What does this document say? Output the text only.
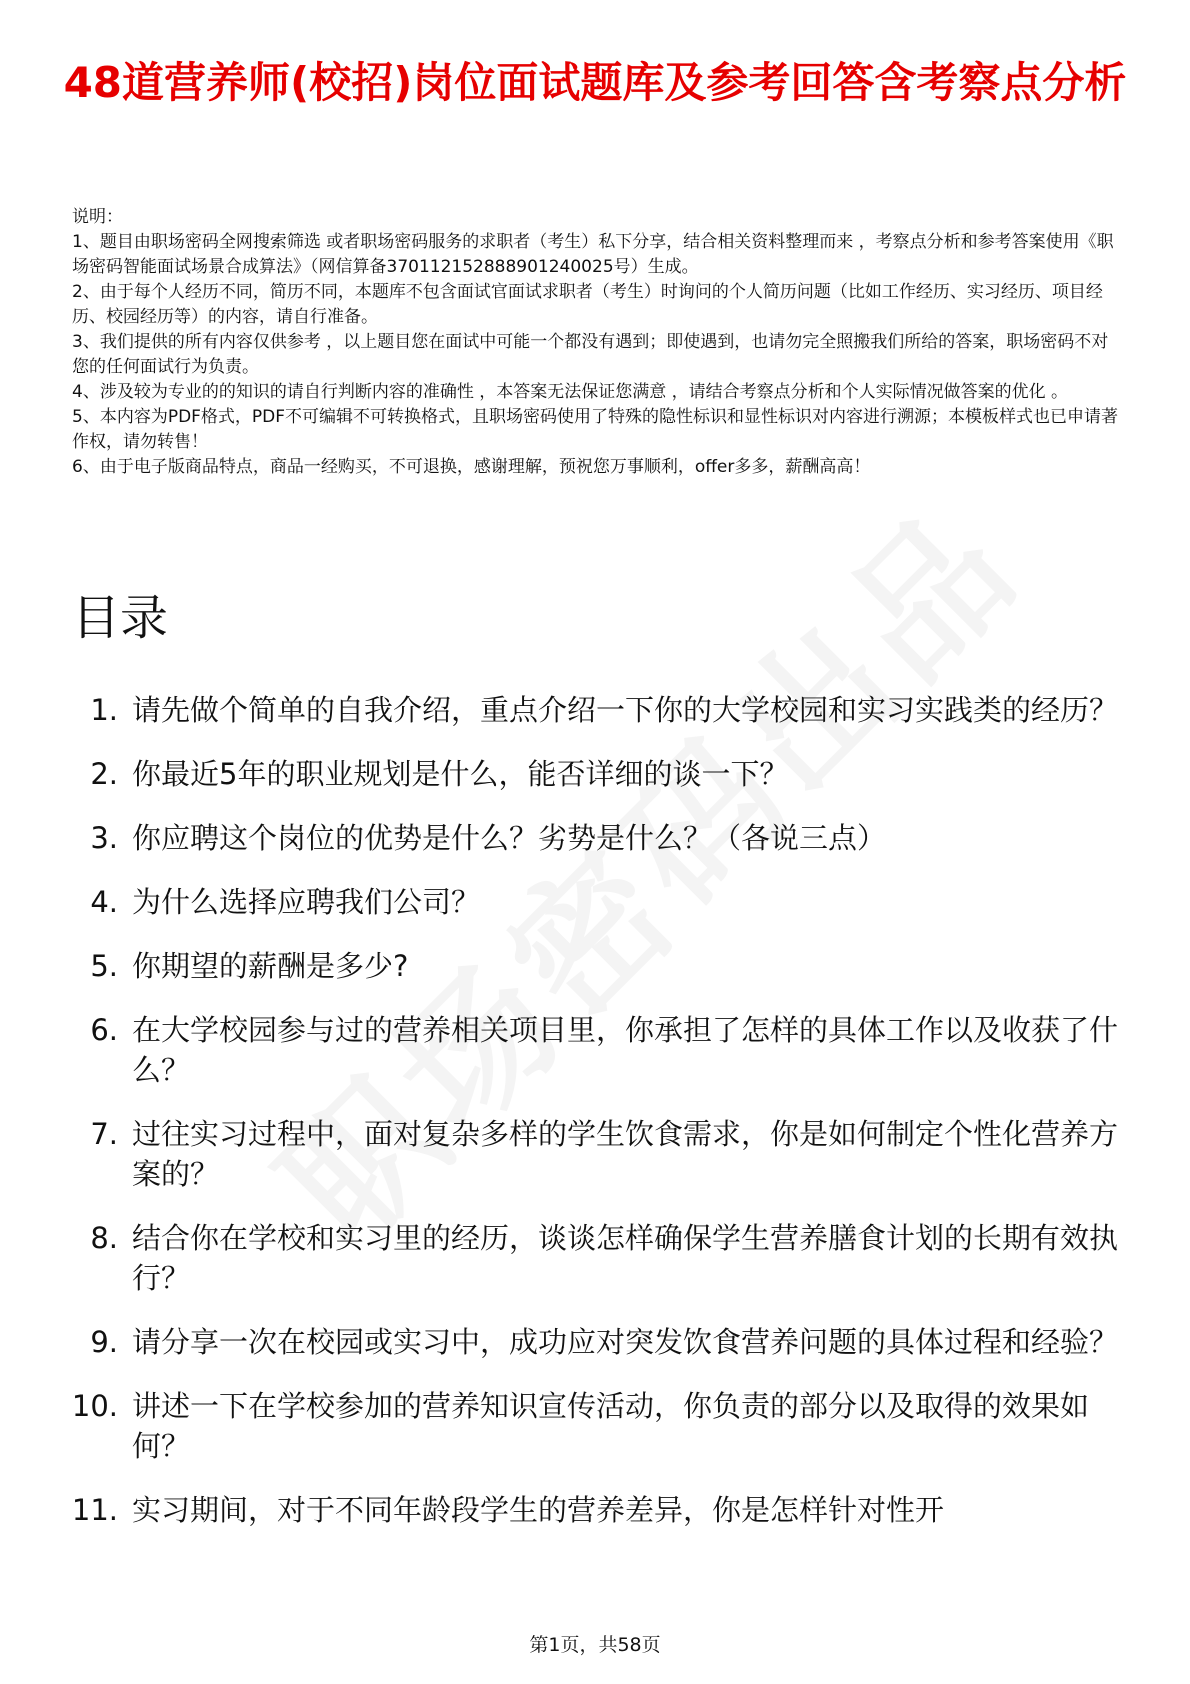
48道营养师(校招)岗位面试题库及参考回答含考察点分析

说明：

1、题目由职场密码全网搜索筛选 或者职场密码服务的求职者（考生）私下分享，结合相关资料整理而来 ，考察点分析和参考答案使用《职场密码智能面试场景合成算法》（网信算备370112152888901240025号）生成。

2、由于每个人经历不同，简历不同，本题库不包含面试官面试求职者（考生）时询问的个人简历问题（比如工作经历、实习经历、项目经历、校园经历等）的内容，请自行准备。

3、我们提供的所有内容仅供参考 ，以上题目您在面试中可能一个都没有遇到；即使遇到，也请勿完全照搬我们所给的答案，职场密码不对您的任何面试行为负责。

4、涉及较为专业的的知识的请自行判断内容的准确性 ，本答案无法保证您满意 ，请结合考察点分析和个人实际情况做答案的优化 。

5、本内容为PDF格式，PDF不可编辑不可转换格式，且职场密码使用了特殊的隐性标识和显性标识对内容进行溯源；本模板样式也已申请著作权，请勿转售！

6、由于电子版商品特点，商品一经购买，不可退换，感谢理解，预祝您万事顺利，offer多多，薪酬高高！

目录
1. 请先做个简单的自我介绍，重点介绍一下你的大学校园和实习实践类的经历？
2. 你最近5年的职业规划是什么，能否详细的谈一下？
3. 你应聘这个岗位的优势是什么？劣势是什么？（各说三点）
4. 为什么选择应聘我们公司？
5. 你期望的薪酬是多少?
6. 在大学校园参与过的营养相关项目里，你承担了怎样的具体工作以及收获了什么？
7. 过往实习过程中，面对复杂多样的学生饮食需求，你是如何制定个性化营养方案的？
8. 结合你在学校和实习里的经历，谈谈怎样确保学生营养膳食计划的长期有效执行？
9. 请分享一次在校园或实习中，成功应对突发饮食营养问题的具体过程和经验？
10. 讲述一下在学校参加的营养知识宣传活动，你负责的部分以及取得的效果如何？
11. 实习期间，对于不同年龄段学生的营养差异，你是怎样针对性开
第1页，共58页
